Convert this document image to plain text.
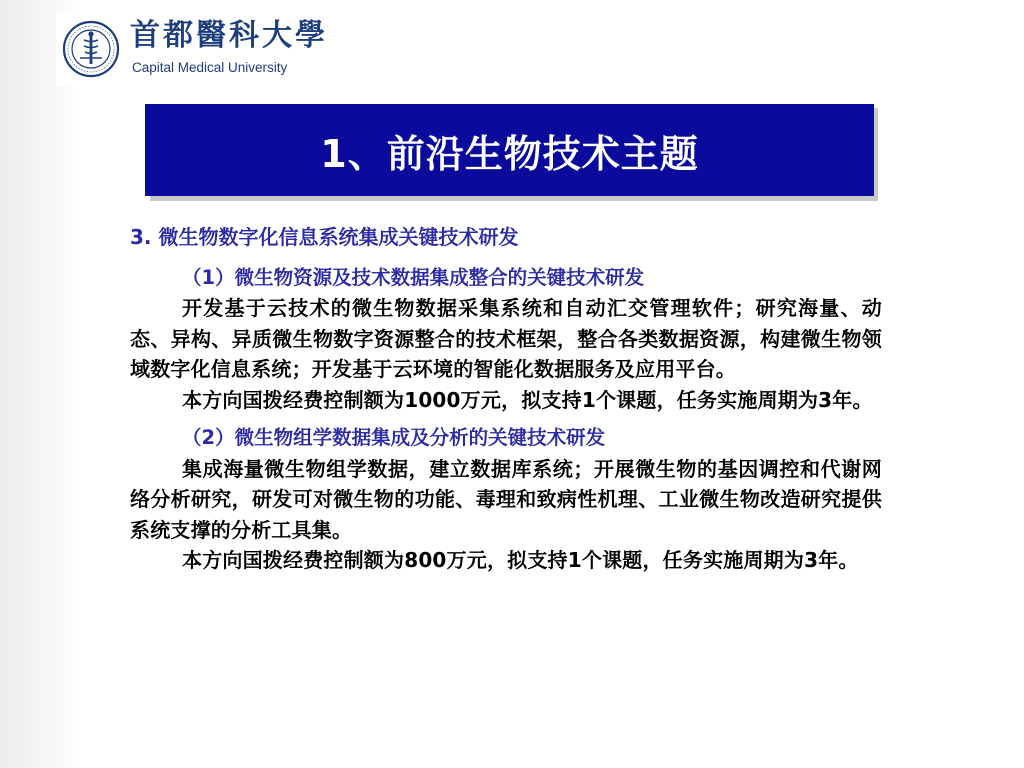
首都醫科大學
Capital Medical University
1、前沿生物技术主题

3. 微生物数字化信息系统集成关键技术研发

（1）微生物资源及技术数据集成整合的关键技术研发

开发基于云技术的微生物数据采集系统和自动汇交管理软件；研究海量、动态、异构、异质微生物数字资源整合的技术框架，整合各类数据资源，构建微生物领域数字化信息系统；开发基于云环境的智能化数据服务及应用平台。

本方向国拨经费控制额为1000万元，拟支持1个课题，任务实施周期为3年。

（2）微生物组学数据集成及分析的关键技术研发

集成海量微生物组学数据，建立数据库系统；开展微生物的基因调控和代谢网络分析研究，研发可对微生物的功能、毒理和致病性机理、工业微生物改造研究提供系统支撑的分析工具集。

本方向国拨经费控制额为800万元，拟支持1个课题，任务实施周期为3年。
